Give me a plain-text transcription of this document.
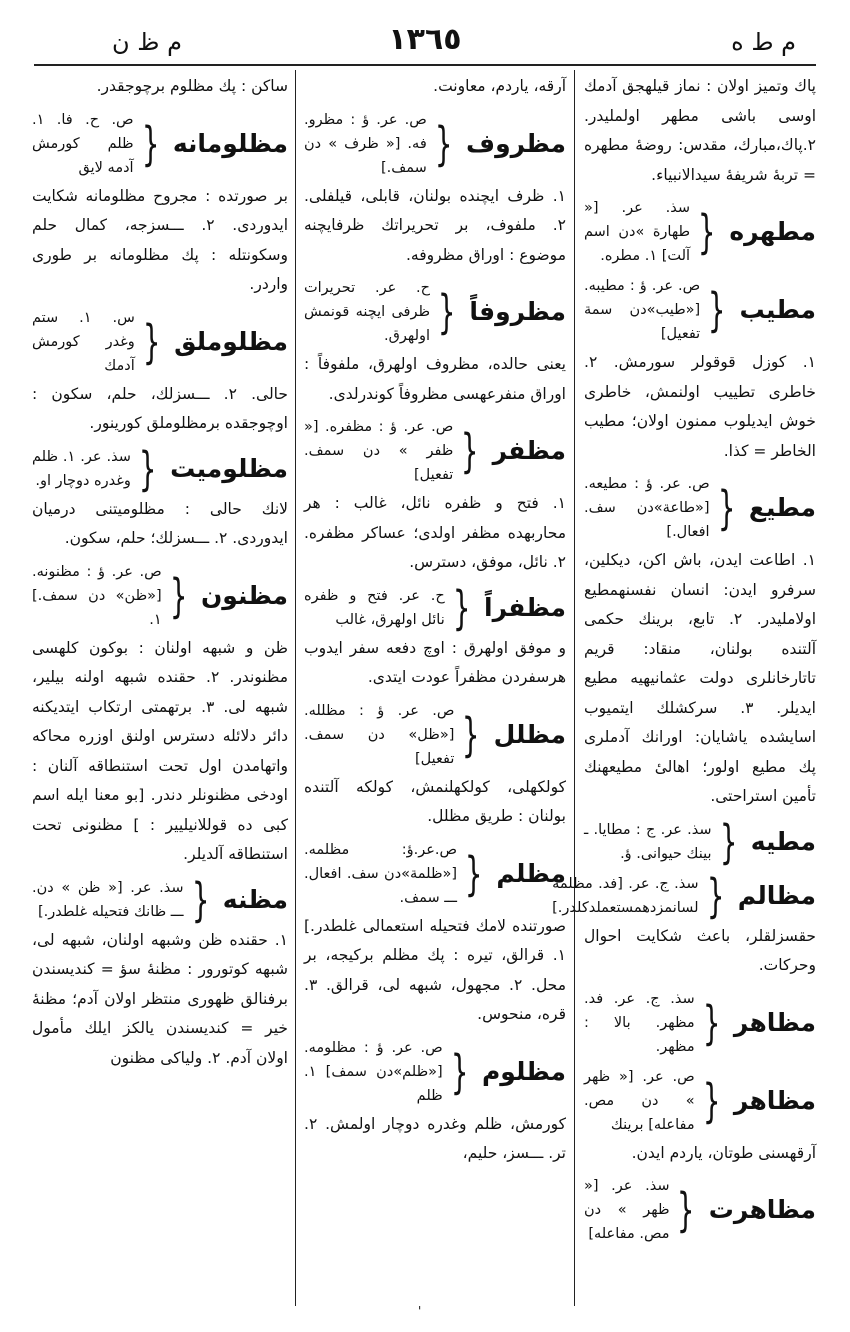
م ط ه
١٣٦٥
م ظ ن

پاك وتميز اولان : نماز قيلهجق آدمك اوسى باشى مطهر اولمليدر. ٢.پاك،مبارك، مقدس: روضهٔ مطهره = تربهٔ شريفهٔ سيدالانبياء.

مطهره
{
سذ. عر. [« طهارة »دن اسم آلت] ١. مطره.
مطيب
{
ص. عر. ؤ : مطيبه. [«طيب»دن سمة تفعيل]

١. كوزل قوقولر سورمش. ٢. خاطرى تطييب اولنمش، خاطرى خوش ايديلوب ممنون اولان؛ مطيب الخاطر = كذا.

مطيع
{
ص. عر. ؤ : مطيعه. [«طاعة»دن سف. افعال.]

١. اطاعت ايدن، باش اكن، ديكلين، سرفرو ايدن: انسان نفسنهمطيع اولامليدر. ٢. تابع، برينك حكمى آلتنده بولنان، منقاد: قريم تاتارخانلرى دولت عثمانيهيه مطيع ايديلر. ٣. سركشلك ايتميوب اسايشده ياشايان: اورانك آدملرى پك مطيع اولور؛ اهالىٔ مطيعهنك تأمين استراحتى.

مطيه
{
سذ. عر. ج : مطايا. ـ بينك حيوانى. ؤ.
مظالم
{
سذ. ج. عر. [فد. مظلمه لسانمزدهمستعملدكلدر.]

حقسزلقلر، باعث شكايت احوال وحركات.

مظاهر
{
سذ. ج. عر. فد. مظهر. بالا : مظهر.
مظاهر
{
ص. عر. [« ظهر » دن مص. مفاعله] برينك

آرقهسنى طوتان، ياردم ايدن.

مظاهرت
{
سذ. عر. [« ظهر » دن مص. مفاعله]

آرقه، ياردم، معاونت.

مظروف
{
ص. عر. ؤ : مظرو. فه. [« ظرف » دن سمف.]

١. ظرف ايچنده بولنان، قابلى، قيلفلى. ٢. ملفوف، بر تحريراتك ظرفايچنه موضوع : اوراق مظروفه.

مظروفاً
{
ح. عر. تحريرات ظرفى ايچنه قونمش اولهرق.

يعنى حالده، مظروف اولهرق، ملفوفاً : اوراق منفرعهسى مظروفاً كوندرلدى.

مظفر
{
ص. عر. ؤ : مظفره. [« ظفر » دن سمف. تفعيل]

١. فتح و ظفره نائل، غالب : هر محاربهده مظفر اولدى؛ عساكر مظفره. ٢. نائل، موفق، دسترس.

مظفراً
{
ح. عر. فتح و ظفره نائل اولهرق، غالب

و موفق اولهرق : اوچ دفعه سفر ايدوب هرسفردن مظفراً عودت ايتدى.

مظلل
{
ص. عر. ؤ : مظلله. [«ظل» دن سمف. تفعيل]

كولكهلى، كولكهلنمش، كولكه آلتنده بولنان : طريق مظلل.

مظلم
{
ص.عر.ؤ: مظلمه.[«ظلمة»دن سف. افعال. ـــ سمف.

صورتنده لامك فتحيله استعمالى غلطدر.] ١. قرالق، تيره : پك مظلم بركيجه، بر محل. ٢. مجهول، شبهه لى، قرالق. ٣. قره، منحوس.

مظلوم
{
ص. عر. ؤ : مظلومه. [«ظلم»دن سمف] ١. ظلم

كورمش، ظلم وغدره دوچار اولمش. ٢. تر. ـــسز، حليم،

ساكن : پك مظلوم برچوجقدر.

مظلومانه
{
ص. ح. فا. ١. ظلم كورمش آدمه لايق

بر صورتده : مجروح مظلومانه شكايت ايدوردى. ٢. ـــسزجه، كمال حلم وسكونتله : پك مظلومانه بر طورى واردر.

مظلوملق
{
س. ١. ستم وغدر كورمش آدمك

حالى. ٢. ـــسزلك، حلم، سكون : اوچوجقده برمظلوملق كورينور.

مظلوميت
{
سذ. عر. ١. ظلم وغدره دوچار او.

لانك حالى : مظلوميتنى درميان ايدوردى. ٢. ـــسزلك؛ حلم، سكون.

مظنون
{
ص. عر. ؤ : مظنونه. [«ظن» دن سمف.] ١.

ظن و شبهه اولنان : بوكون كلهسى مظنوندر. ٢. حقنده شبهه اولنه بيلير، شبهه لى. ٣. برتهمتى ارتكاب ايتديكنه دائر دلائله دسترس اولنق اوزره محاكه واتهامدن اول تحت استنطاقه آلنان : اودخى مظنونلر دندر. [بو معنا ايله اسم كبى ده قوللانيليير : ] مظنونى تحت استنطاقه آلديلر.

مظنه
{
سذ. عر. [« ظن » دن. ـــ ظانك فتحيله غلطدر.]

١. حقنده ظن وشبهه اولنان، شبهه لى، شبهه كوتورور : مظنهٔ سؤ = كنديسندن برفنالق ظهورى منتظر اولان آدم؛ مظنهٔ خير = كنديسندن يالكز ايلك مأمول اولان آدم. ٢. ولياكى مظنون

'
